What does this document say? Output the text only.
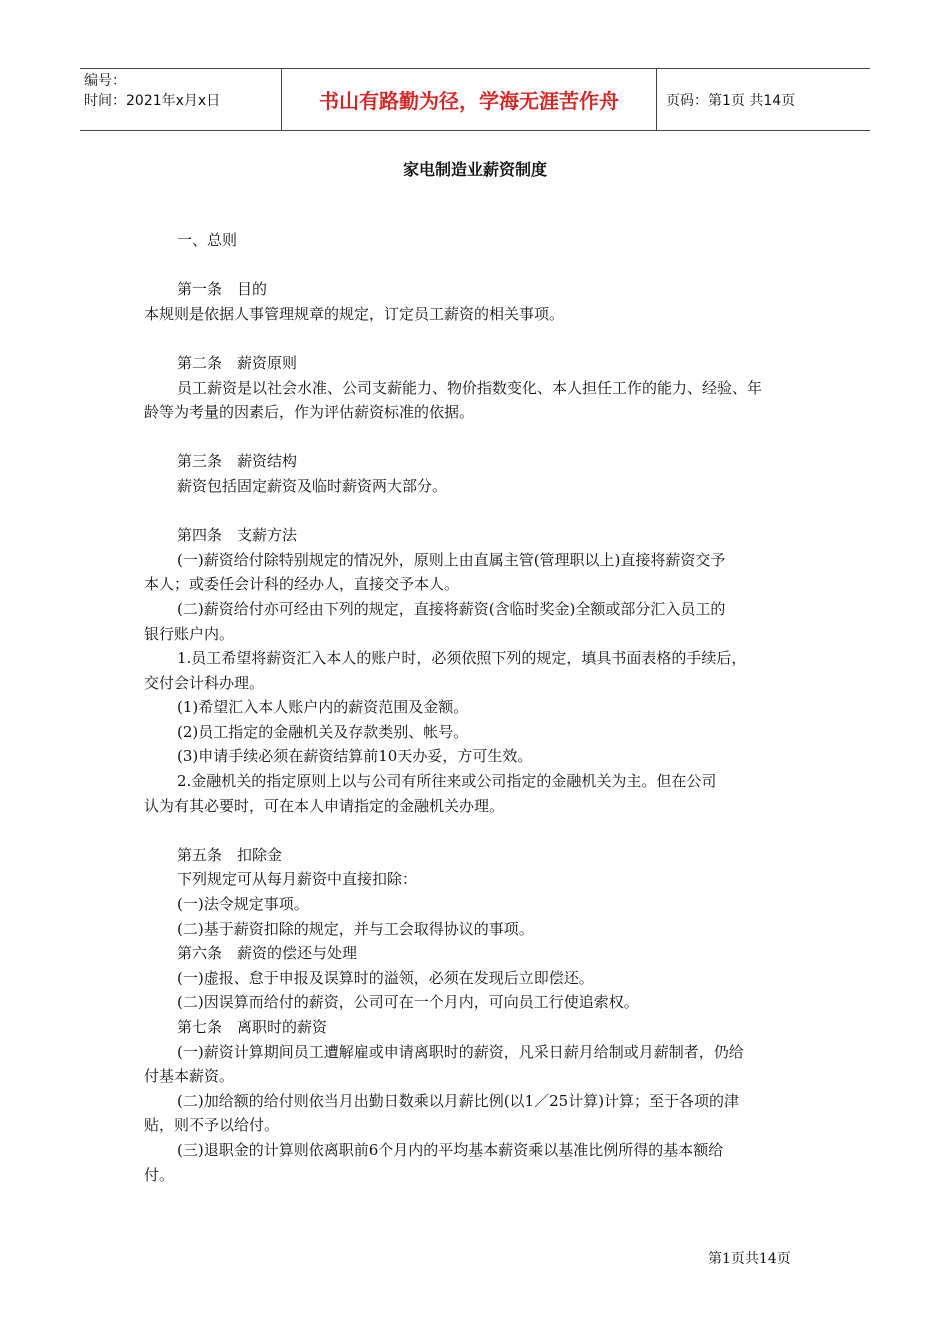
编号：
时间：2021年x月x日	书山有路勤为径，学海无涯苦作舟	页码：第1页 共14页
家电制造业薪资制度

一、总则

第一条　目的

本规则是依据人事管理规章的规定，订定员工薪资的相关事项。

第二条　薪资原则

员工薪资是以社会水准、公司支薪能力、物价指数变化、本人担任工作的能力、经验、年

龄等为考量的因素后，作为评估薪资标准的依据。

第三条　薪资结构

薪资包括固定薪资及临时薪资两大部分。

第四条　支薪方法

(一)薪资给付除特别规定的情况外，原则上由直属主管(管理职以上)直接将薪资交予

本人；或委任会计科的经办人，直接交予本人。

(二)薪资给付亦可经由下列的规定，直接将薪资(含临时奖金)全额或部分汇入员工的

银行账户内。

1.员工希望将薪资汇入本人的账户时，必须依照下列的规定，填具书面表格的手续后，

交付会计科办理。

(1)希望汇入本人账户内的薪资范围及金额。

(2)员工指定的金融机关及存款类别、帐号。

(3)申请手续必须在薪资结算前10天办妥，方可生效。

2.金融机关的指定原则上以与公司有所往来或公司指定的金融机关为主。但在公司

认为有其必要时，可在本人申请指定的金融机关办理。

第五条　扣除金

下列规定可从每月薪资中直接扣除：

(一)法令规定事项。

(二)基于薪资扣除的规定，并与工会取得协议的事项。

第六条　薪资的偿还与处理

(一)虚报、怠于申报及误算时的溢领，必须在发现后立即偿还。

(二)因误算而给付的薪资，公司可在一个月内，可向员工行使追索权。

第七条　离职时的薪资

(一)薪资计算期间员工遭解雇或申请离职时的薪资，凡采日薪月给制或月薪制者，仍给

付基本薪资。

(二)加给额的给付则依当月出勤日数乘以月薪比例(以1／25计算)计算；至于各项的津

贴，则不予以给付。

(三)退职金的计算则依离职前6个月内的平均基本薪资乘以基准比例所得的基本额给

付。

第1页共14页
